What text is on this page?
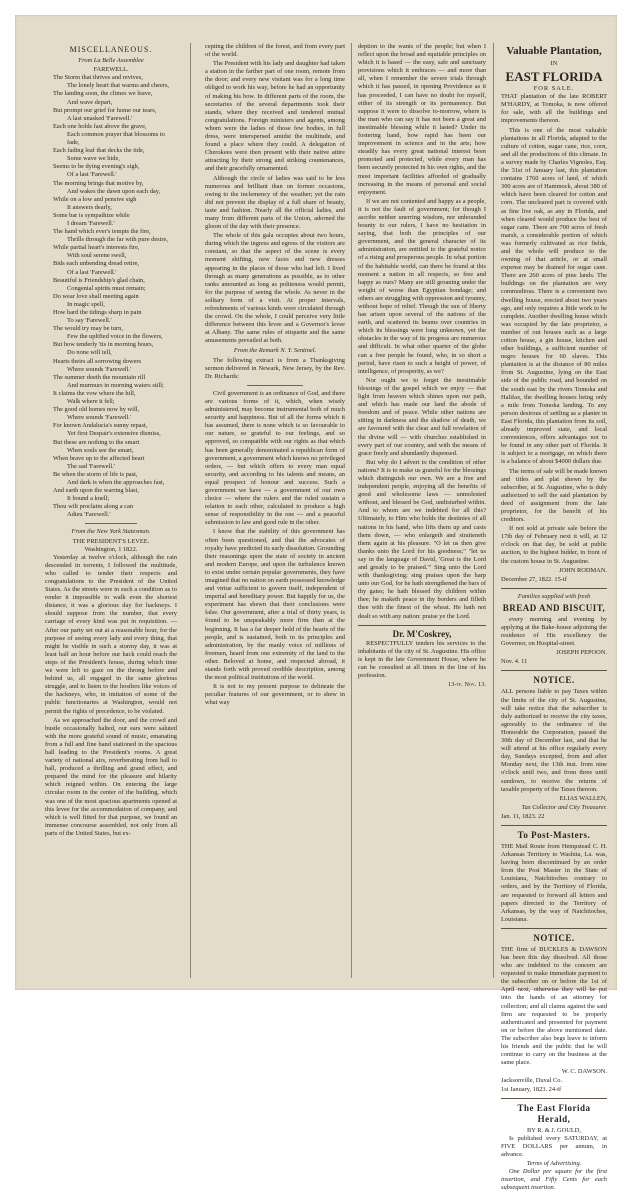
MISCELLANEOUS.
From La Belle Assemblee
FAREWELL.
The Storm that thrives and revives,
The lonely heart that warms and cheers,
The landing soon, the climes we leave,
And wave depart,
But prompt our grief for home our tears,
A last unasked 'Farewell.'
Each one holds fast above the grave,
Each common prayer that blossoms to fade,
Each fading leaf that decks the tide,
Some wave we hide,
Seems to be dying evening's sigh,
Of a last 'Farewell.'
The morning brings that motive by,
And wakes the dawn upon each day,
While on a low and pensive sigh
It answers dearly,
Some bar is sympathize while
I dream 'Farewell.'
The hand which ever's tempts the fire,
Thrills through the far with pure desire,
While partial heart's interests fire,
With soul serene swell,
Bids each unbending dread retire,
Of a last 'Farewell.'
Beautiful is Friendship's glad chain,
Congenial spirits must remain;
Do wear love shall meeting again
In magic spell,
How hard the tidings sharp in pain
To say 'Farewell.'
The would try may be turn,
Few the uplifted voice in the flowers,
But how tenderly 'tis in morning hours,
Do none will tell,
Hearts theirs all sorrowing dowers
Where sounds 'Farewell.'
The summer doeth the mountain rill
And murmurs in morning waters still;
It claims the vow where the hill,
Walk where it fell;
The good old homes now by will,
Where sounds 'Farewell.'
For known Andalucia's sunny repast,
Yet first Despair's extensive dismiss,
But these are nothing to the smart
When souls see the smart,
When brave up to the affected heart
The sad 'Farewell.'
Be when the storm of life is past,
And dark is when the approaches fast,
And earth upon the warring blast,
It bound a knell;
Thou wilt proclaim along a can
Adieu 'Farewell.'
From the New York Statesman.
THE PRESIDENT'S LEVEE.
Washington, 1 1822.

Yesterday at twelve o'clock, although the rain descended in torrents, I followed the multitude, who called to tender their respects and congratulations to the President of the United States. As the streets were in such a condition as to render it impossible to walk even the shortest distance, it was a glorious day for hackneys. I should suppose from the number, that every carriage of every kind was put in requisition. — After our party set out at a reasonable hour, for the purpose of seeing every lady and every thing, that might be visible in such a stormy day, it was at least half an hour before our hack could reach the steps of the President's house, during which time we were left to gaze on the throng before and behind us, all engaged in the same glorious struggle, and to listen to the hostlers like voices of the hackneys, who, in imitation of some of the public functionaries at Washington, would not permit the rights of precedence, to be violated.

As we approached the door, and the crowd and bustle occasionally halted, our ears were saluted with the more grateful sound of music, emanating from a full and fine band stationed in the spacious hall leading to the President's rooms. A great variety of national airs, reverberating from hall to hall, produced a thrilling and grand effect, and prepared the mind for the pleasure and hilarity which reigned within. On entering the large circular room in the center of the building, which was one of the most spacious apartments opened at this levee for the accommodation of company, and which is well fitted for that purpose, we found an immense concourse assembled, not only from all parts of the United States, but ex-

cepting the children of the forest, and from every part of the world.

The President with his lady and daughter had taken a station in the farther part of one room, remote from the door; and every new visitant was for a long time obliged to work his way, before he had an opportunity of making his bow. In different parts of the room, the secretaries of the several departments took their stands, where they received and tendered mutual congratulations. Foreign ministers and agents, among whom were the ladies of those few bodies, in full dress, were interspersed amidst the multitude, and found a place where they could. A delegation of Cherokees were then present with their native attire attracting by their strong and striking countenances, and their gracefully ornamented.

Although the circle of ladies was said to be less numerous and brilliant than on former occasions, owing to the inclemency of the weather; yet the rain did not prevent the display of a full share of beauty, taste and fashion. Nearly all the official ladies, and many from different parts of the Union, adorned the gloom of the day with their presence.

The whole of this gala occupies about two hours, during which the ingress and egress of the visitors are constant, so that the aspect of the scene is every moment shifting, new faces and new dresses appearing in the places of those who had left. I lived through as many generations as possible, as to other ranks amounted as long as politeness would permit, for the purpose of seeing the whole. As never in the solitary form of a visit. At proper intervals, refreshments of various kinds were circulated through the crowd. On the whole, I could perceive very little difference between this levee and a Governor's levee at Albany. The same rules of etiquette and the same amusements prevailed at both.

From the Remark N. Y. Sentinel.

The following extract is from a Thanksgiving sermon delivered in Newark, New Jersey, by the Rev. Dr. Richards:

Civil government is an ordinance of God, and there are various forms of it, which, when wisely administered, may become instrumental both of much security and happiness. But of all the forms which it has assumed, there is none which is so favourable to our nature, so grateful to our feelings, and so approved, so compatible with our rights as that which has been generally denominated a republican form of government, a government which knows no privileged orders, — but which offers to every man equal security, and according to his talents and means, an equal prospect of honour and success. Such a government we have — a government of our own choice — where the rulers and the ruled sustain a relation to each other, calculated to produce a high sense of responsibility in the one — and a peaceful submission to law and good rule in the other.

I know that the stability of this government has often been questioned, and that the advocates of royalty have predicted its early dissolution. Grounding their reasonings upon the state of society in ancient and modern Europe, and upon the turbulence known to exist under certain popular governments, they have imagined that no nation on earth possessed knowledge and virtue sufficient to govern itself, independent of imperial and hereditary power. But happily for us, the experiment has shewn that their conclusions were false. Our government, after a trial of thirty years, is found to be unspeakably more firm than at the beginning. It has a far deeper hold of the hearts of the people, and is sustained, both in its principles and administration, by the manly voice of millions of freemen, heard from one extremity of the land to the other. Beloved at home, and respected abroad, it stands forth with proved credible description, among the most political institutions of the world.

It is not to my present purpose to delineate the peculiar features of our government, or to shew in what way

deption to the wants of the people; but when I reflect upon the broad and equitable principles on which it is based — the easy, safe and sanctuary provisions which it embraces — and more than all, when I remember the severe trials through which it has passed, in opening Providence as it has proceeded, I can have no doubt for myself, either of its strength or its permanency. But suppose it were to dissolve to-morrow, where is the man who can say it has not been a great and inestimable blessing while it lasted? Under its fostering hand, how rapid has been our improvement in science and in the arts; how steadily has every great national interest been promoted and protected, while every man has been securely protected in his own rights, and the most important facilities afforded of gradually increasing in the means of personal and social enjoyment.

If we are not contented and happy as a people, it is not the fault of government; for though I ascribe neither unerring wisdom, nor unbounded bounty to our rulers, I have no hesitation in saying, that both the principles of our government, and the general character of its administration, are entitled to the grateful notice of a rising and prosperous people. In what portion of the habitable world, can there be found at this moment a nation in all respects, so free and happy as ours? Many are still groaning under the weight of worse than Egyptian bondage; and others are struggling with oppression and tyranny, without hope of relief. Though the sun of liberty has arisen upon several of the nations of the earth, and scattered its beams over countries in which its blessings were long unknown, yet the obstacles in the way of its progress are numerous and difficult. In what other quarter of the globe can a free people be found, who, in so short a period, have risen to such a height of power, of intelligence, of prosperity, as we?

Nor ought we to forget the inestimable blessings of the gospel which we enjoy — that light from heaven which shines upon our path, and which has made our land the abode of freedom and of peace. While other nations are sitting in darkness and the shadow of death, we are favoured with the clear and full revelation of the divine will — with churches established in every part of our country, and with the means of grace freely and abundantly dispensed.

But why do I advert to the condition of other nations? It is to make us grateful for the blessings which distinguish our own. We are a free and independent people, enjoying all the benefits of good and wholesome laws — unmolested without, and blessed be God, undisturbed within. And to whom are we indebted for all this? Ultimately, to Him who holds the destinies of all nations in his hand, who lifts them up and casts them down, — who enlargeth and straiteneth them again at his pleasure. "O let us then give thanks unto the Lord for his goodness;" "let us say in the language of David, 'Great is the Lord and greatly to be praised.'" Sing unto the Lord with thanksgiving; sing praises upon the harp unto our God, for he hath strengthened the bars of thy gates; he hath blessed thy children within thee; he maketh peace in thy borders and filleth thee with the finest of the wheat. He hath not dealt so with any nation: praise ye the Lord.

Dr. M'Coskrey,

RESPECTFULLY tenders his services to the inhabitants of the city of St. Augustine. His office is kept in the late Government House, where he can be consulted at all times in the line of his profession.

13-tf. Nov. 13.
Valuable Plantation,
IN
EAST FLORIDA
FOR SALE.

THAT plantation of the late ROBERT M'HARDY, at Tomoka, is now offered for sale, with all the buildings and improvements thereon.

This is one of the most valuable plantations in all Florida, adapted to the culture of cotton, sugar cane, rice, corn, and all the productions of this climate. In a survey made by Charles Vignoles, Esq. the 31st of January last, this plantation contains 1760 acres of land, of which 300 acres are of Hammock, about 380 of which have been cleared for cotton and corn. The uncleared part is covered with as fine live oak, as any in Florida, and when cleared would produce the best of sugar cane. There are 700 acres of fresh marsh, a considerable portion of which was formerly cultivated as rice fields, and the whole will produce to the owning of that article, or at small expense may be drained for sugar cane. There are 260 acres of pine lands. The buildings on the plantation are very commodious. There is a convenient two dwelling house, erected about two years ago, and only requires a little work to be complete. Another dwelling house which was occupied by the late proprietor, a number of out houses such as a large cotton house, a gin house, kitchen and other buildings, a sufficient number of negro houses for 60 slaves. This plantation is at the distance of 80 miles from St. Augustine, lying on the East side of the public road, and bounded on the south east by the rivers Tomoka and Halifax, the dwelling houses being only a mile from Tomoka landing. To any person desirous of settling as a planter in East Florida, this plantation from its soil, already improved state, and local conveniences, offers advantages not to be found in any other part of Florida. It is subject to a mortgage, on which there is a balance of about $4000 dollars due.

The terms of sale will be made known and titles and plat shewn by the subscriber, at St. Augustine, who is duly authorized to sell the said plantation by deed of assignment from the late proprietor, for the benefit of his creditors.

If not sold at private sale before the 17th day of February next it will, at 12 o'clock on that day, be sold at public auction, to the highest bidder, in front of the custom house in St. Augustine.

JOHN RODMAN.
December 27, 1822. 15-tf
Families supplied with fresh
BREAD AND BISCUIT,

every morning and evening by applying at the Bake-house adjoining the residence of His excellency the Governor, on Hospital-street.

JOSEPH PEPOON.
Nov. 4. 11
NOTICE.

ALL persons liable to pay Taxes within the limits of the city of St. Augustine, will take notice that the subscriber is duly authorized to receive the city taxes, agreeably to the ordinance of the Honorable the Corporation, passed the 30th day of December last, and that he will attend at his office regularly every day, Sundays excepted, from and after Monday next, the 13th inst. from nine o'clock until two, and from three until sundown, to receive the returns of taxable property of the Taxes thereon.

ELIAS WALLEN,
Tax Collector and City Treasurer.
Jan. 11, 1823. 22
To Post-Masters.

THE Mail Route from Hempstead C. H. Arkansas Territory to Washita, La. was, having been discontinued by an order from the Post Master in the State of Louisiana, Natchitoches contrary to orders, and by the Territory of Florida, are requested to forward all letters and papers directed to the Territory of Arkansas, by the way of Natchitoches, Louisiana.

NOTICE.

THE firm of BUCKLES & DAWSON has been this day dissolved. All those who are indebted to the concern are requested to make immediate payment to the subscriber on or before the 1st of April next, otherwise they will be put into the hands of an attorney for collection; and all claims against the said firm are requested to be properly authenticated and presented for payment on or before the above mentioned date. The subscriber also begs leave to inform his friends and the public that he will continue to carry on the business at the same place.

W. C. DAWSON.
Jacksonville, Duval Co.
1st January, 1823. 24-tf
The East Florida Herald,
BY R. & J. GOULD,

Is published every SATURDAY, at FIVE DOLLARS per annum, in advance.

Terms of Advertising.

One Dollar per square for the first insertion, and Fifty Cents for each subsequent insertion.
